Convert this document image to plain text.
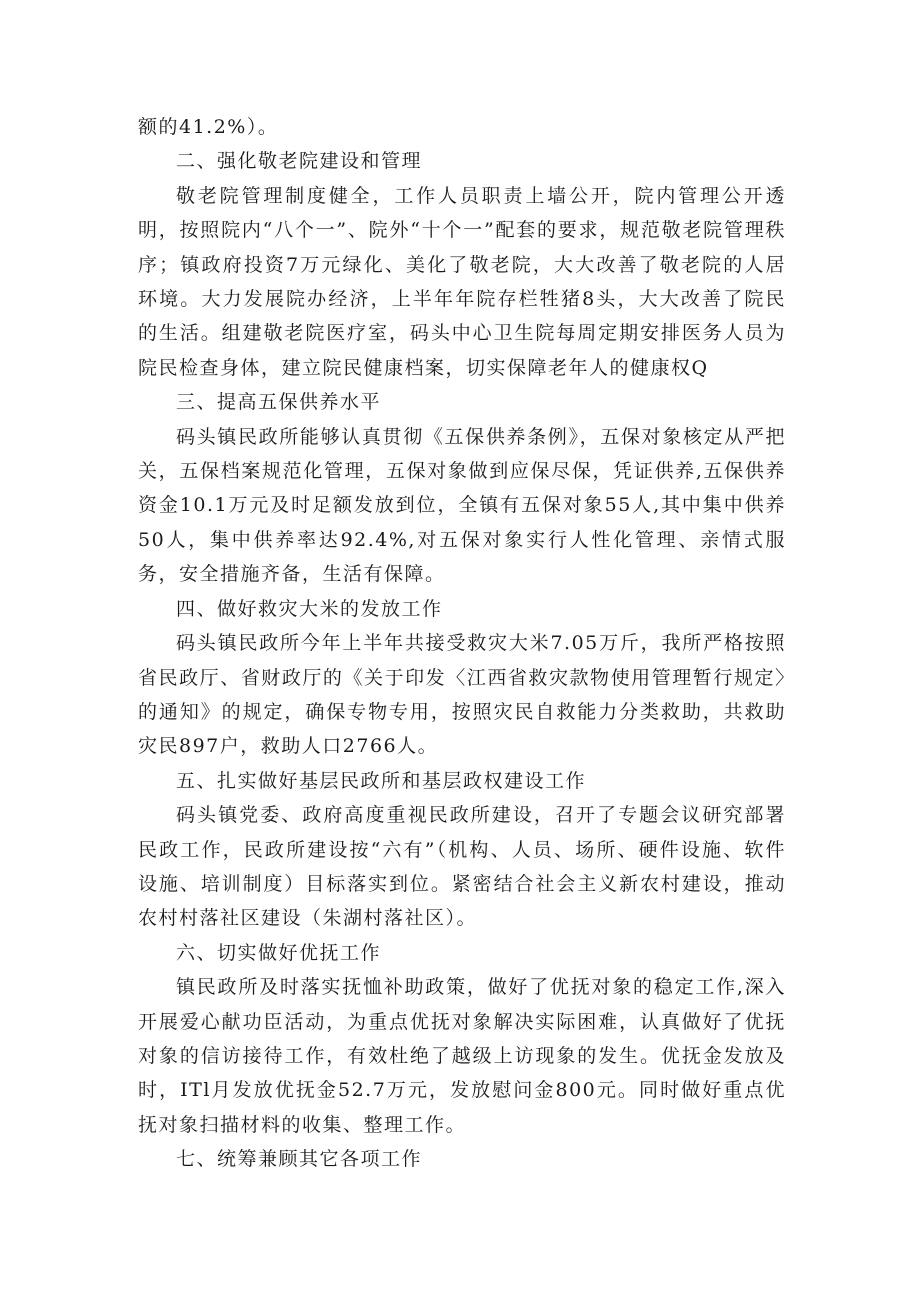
额的41.2%）。

二、强化敬老院建设和管理

敬老院管理制度健全，工作人员职责上墙公开，院内管理公开透明，按照院内“八个一”、院外“十个一”配套的要求，规范敬老院管理秩序；镇政府投资7万元绿化、美化了敬老院，大大改善了敬老院的人居环境。大力发展院办经济，上半年年院存栏牲猪8头，大大改善了院民的生活。组建敬老院医疗室，码头中心卫生院每周定期安排医务人员为院民检查身体，建立院民健康档案，切实保障老年人的健康权Q

三、提高五保供养水平

码头镇民政所能够认真贯彻《五保供养条例》，五保对象核定从严把关，五保档案规范化管理，五保对象做到应保尽保，凭证供养,五保供养资金10.1万元及时足额发放到位，全镇有五保对象55人,其中集中供养50人，集中供养率达92.4%,对五保对象实行人性化管理、亲情式服务，安全措施齐备，生活有保障。

四、做好救灾大米的发放工作

码头镇民政所今年上半年共接受救灾大米7.05万斤，我所严格按照省民政厅、省财政厅的《关于印发〈江西省救灾款物使用管理暂行规定〉的通知》的规定，确保专物专用，按照灾民自救能力分类救助，共救助灾民897户，救助人口2766人。

五、扎实做好基层民政所和基层政权建设工作

码头镇党委、政府高度重视民政所建设，召开了专题会议研究部署民政工作，民政所建设按“六有”（机构、人员、场所、硬件设施、软件设施、培训制度）目标落实到位。紧密结合社会主义新农村建设，推动农村村落社区建设（朱湖村落社区）。

六、切实做好优抚工作

镇民政所及时落实抚恤补助政策，做好了优抚对象的稳定工作,深入开展爱心献功臣活动，为重点优抚对象解决实际困难，认真做好了优抚对象的信访接待工作，有效杜绝了越级上访现象的发生。优抚金发放及时，ITl月发放优抚金52.7万元，发放慰问金800元。同时做好重点优抚对象扫描材料的收集、整理工作。

七、统筹兼顾其它各项工作
